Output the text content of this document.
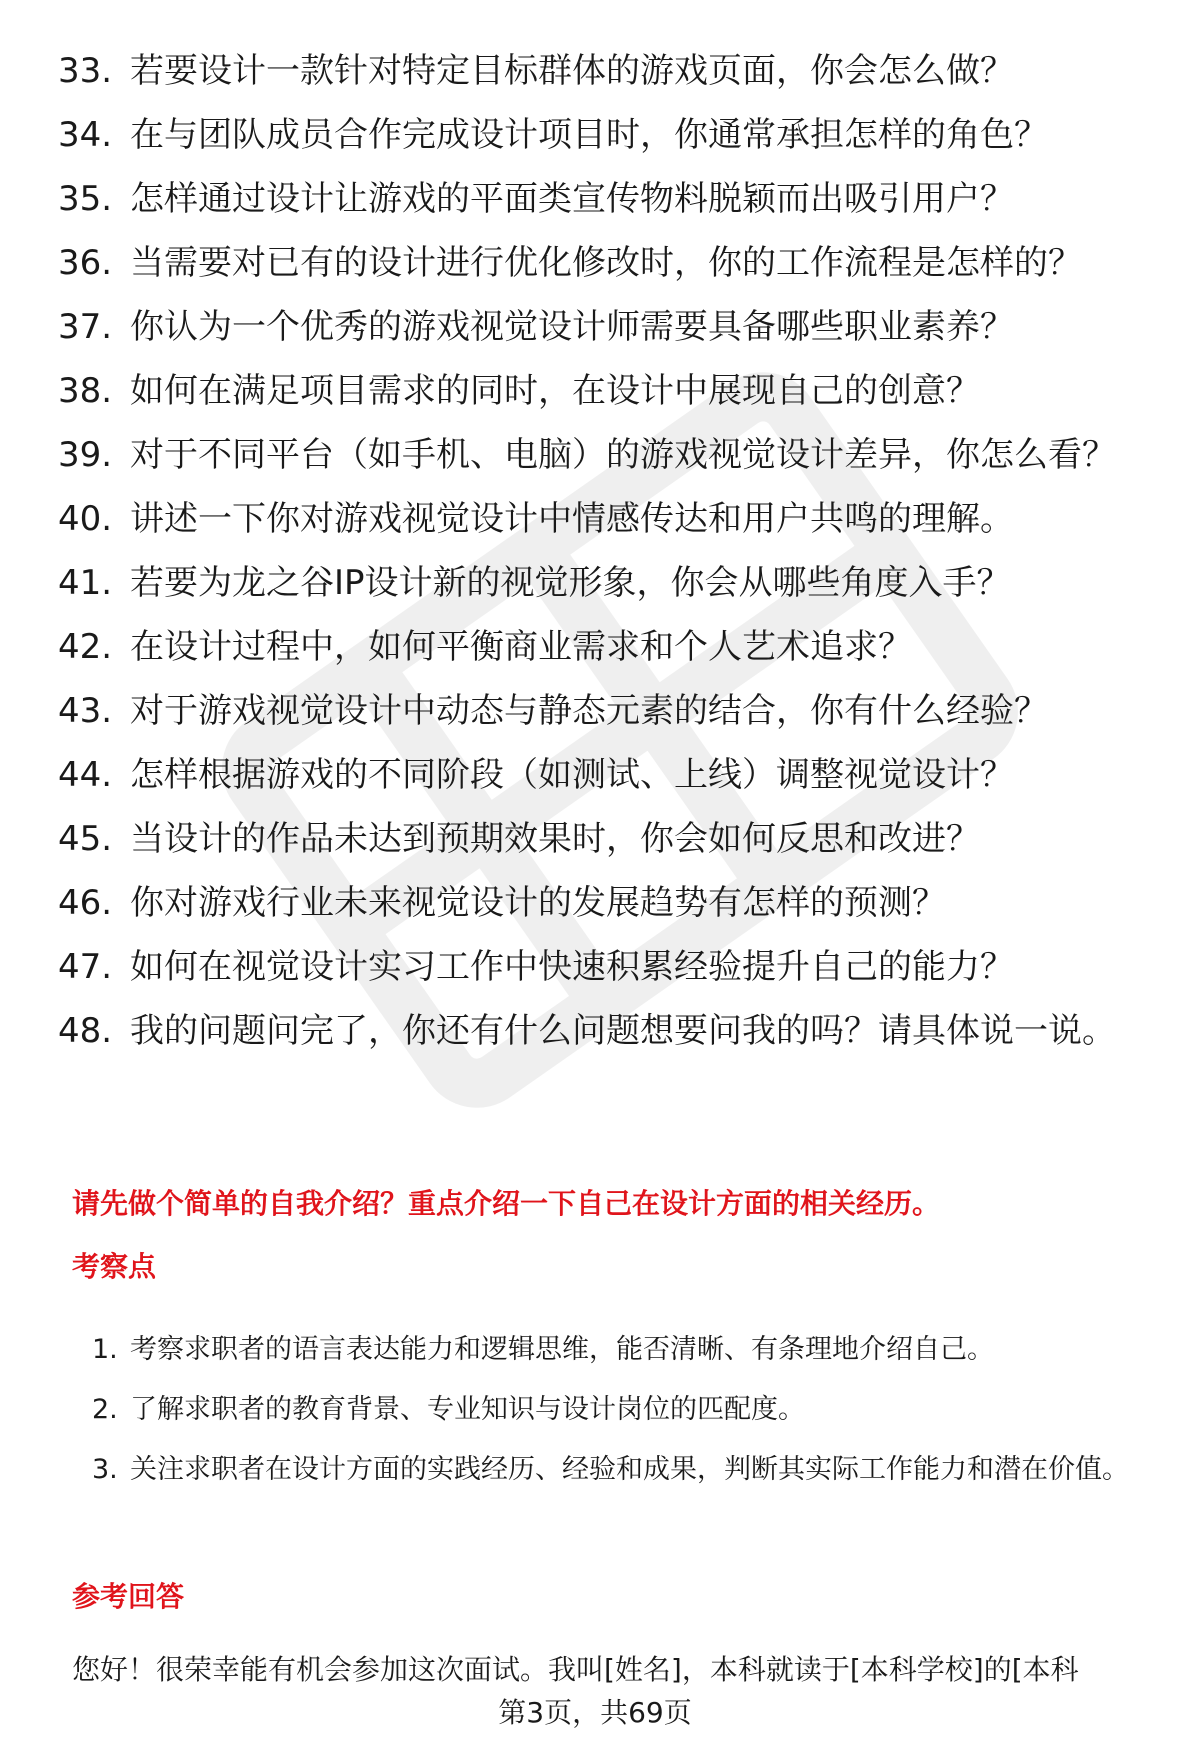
33. 若要设计一款针对特定目标群体的游戏页面，你会怎么做？
34. 在与团队成员合作完成设计项目时，你通常承担怎样的角色？
35. 怎样通过设计让游戏的平面类宣传物料脱颖而出吸引用户？
36. 当需要对已有的设计进行优化修改时，你的工作流程是怎样的？
37. 你认为一个优秀的游戏视觉设计师需要具备哪些职业素养？
38. 如何在满足项目需求的同时，在设计中展现自己的创意？
39. 对于不同平台（如手机、电脑）的游戏视觉设计差异，你怎么看？
40. 讲述一下你对游戏视觉设计中情感传达和用户共鸣的理解。
41. 若要为龙之谷IP设计新的视觉形象，你会从哪些角度入手？
42. 在设计过程中，如何平衡商业需求和个人艺术追求？
43. 对于游戏视觉设计中动态与静态元素的结合，你有什么经验？
44. 怎样根据游戏的不同阶段（如测试、上线）调整视觉设计？
45. 当设计的作品未达到预期效果时，你会如何反思和改进？
46. 你对游戏行业未来视觉设计的发展趋势有怎样的预测？
47. 如何在视觉设计实习工作中快速积累经验提升自己的能力？
48. 我的问题问完了，你还有什么问题想要问我的吗？请具体说一说。
请先做个简单的自我介绍？重点介绍一下自己在设计方面的相关经历。
考察点
1. 考察求职者的语言表达能力和逻辑思维，能否清晰、有条理地介绍自己。
2. 了解求职者的教育背景、专业知识与设计岗位的匹配度。
3. 关注求职者在设计方面的实践经历、经验和成果，判断其实际工作能力和潜在价值。
参考回答
您好！很荣幸能有机会参加这次面试。我叫[姓名]，本科就读于[本科学校]的[本科
第3页，共69页
